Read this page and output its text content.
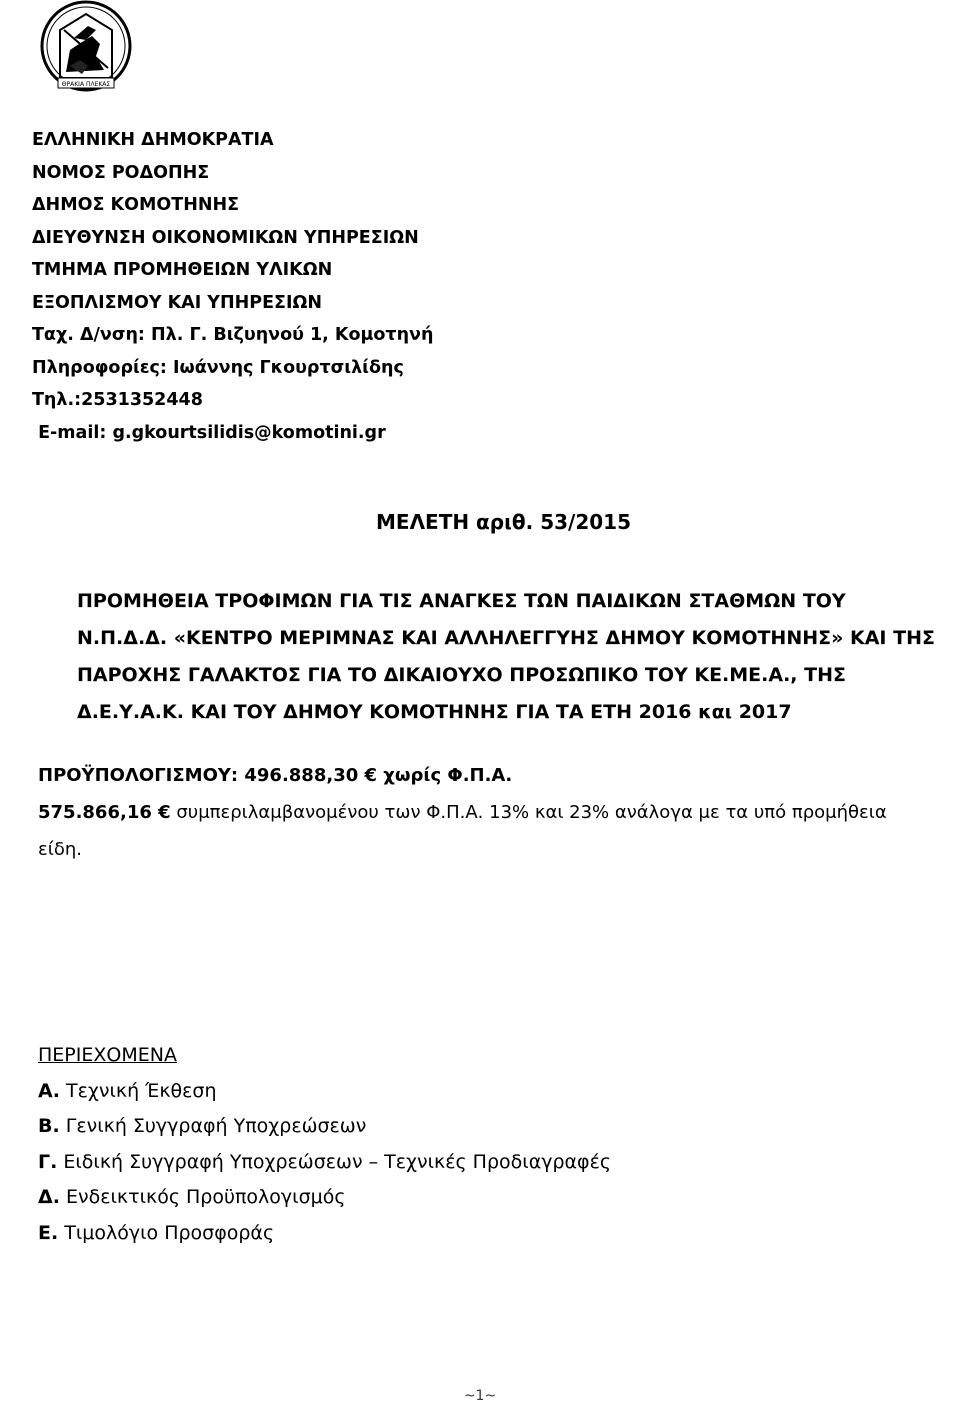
ΘΡΑΚΙΑ ΠΛΕΚΑΣ
ΕΛΛΗΝΙΚΗ ΔΗΜΟΚΡΑΤΙΑ
ΝΟΜΟΣ ΡΟΔΟΠΗΣ
ΔΗΜΟΣ ΚΟΜΟΤΗΝΗΣ
ΔΙΕΥΘΥΝΣΗ ΟΙΚΟΝΟΜΙΚΩΝ ΥΠΗΡΕΣΙΩΝ
ΤΜΗΜΑ ΠΡΟΜΗΘΕΙΩΝ ΥΛΙΚΩΝ
ΕΞΟΠΛΙΣΜΟΥ ΚΑΙ ΥΠΗΡΕΣΙΩΝ
Ταχ. Δ/νση: Πλ. Γ. Βιζυηνού 1, Κομοτηνή
Πληροφορίες: Ιωάννης Γκουρτσιλίδης
Τηλ.:2531352448
E-mail: g.gkourtsilidis@komotini.gr
ΜΕΛΕΤΗ αριθ. 53/2015
ΠΡΟΜΗΘΕΙΑ ΤΡΟΦΙΜΩΝ ΓΙΑ ΤΙΣ ΑΝΑΓΚΕΣ ΤΩΝ ΠΑΙΔΙΚΩΝ ΣΤΑΘΜΩΝ ΤΟΥ
Ν.Π.Δ.Δ. «ΚΕΝΤΡΟ ΜΕΡΙΜΝΑΣ ΚΑΙ ΑΛΛΗΛΕΓΓΥΗΣ ΔΗΜΟΥ ΚΟΜΟΤΗΝΗΣ» ΚΑΙ ΤΗΣ
ΠΑΡΟΧΗΣ ΓΑΛΑΚΤΟΣ ΓΙΑ ΤΟ ΔΙΚΑΙΟΥΧΟ ΠΡΟΣΩΠΙΚΟ ΤΟΥ ΚΕ.ΜΕ.Α., ΤΗΣ
Δ.Ε.Υ.Α.Κ. ΚΑΙ ΤΟΥ ΔΗΜΟΥ ΚΟΜΟΤΗΝΗΣ ΓΙΑ ΤΑ ΕΤΗ 2016 και 2017
ΠΡΟΫΠΟΛΟΓΙΣΜΟΥ: 496.888,30 € χωρίς Φ.Π.Α.
575.866,16 € συμπεριλαμβανομένου των Φ.Π.Α. 13% και 23% ανάλογα με τα υπό προμήθεια
είδη.
ΠΕΡΙΕΧΟΜΕΝΑ
Α. Τεχνική Έκθεση
Β. Γενική Συγγραφή Υποχρεώσεων
Γ. Ειδική Συγγραφή Υποχρεώσεων – Τεχνικές Προδιαγραφές
Δ. Ενδεικτικός Προϋπολογισμός
Ε. Τιμολόγιο Προσφοράς
~1~
